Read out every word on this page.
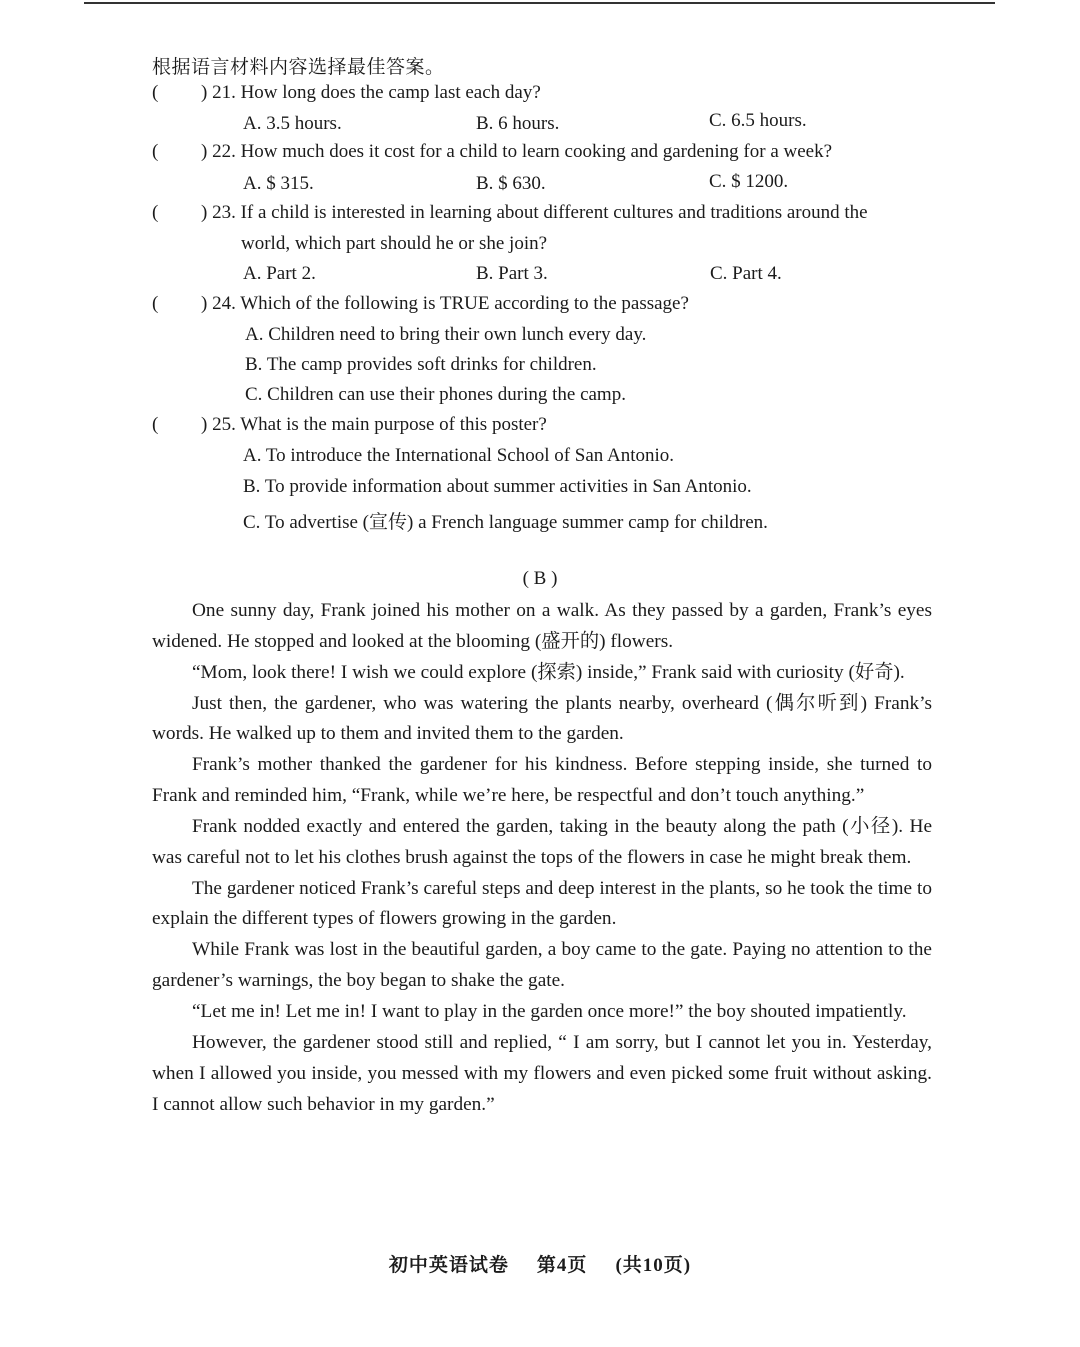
根据语言材料内容选择最佳答案。
( ) 21. How long does the camp last each day?
A. 3.5 hours.	B. 6 hours.	C. 6.5 hours.
( ) 22. How much does it cost for a child to learn cooking and gardening for a week?
A. $ 315.	B. $ 630.	C. $ 1200.
( ) 23. If a child is interested in learning about different cultures and traditions around the
world, which part should he or she join?
A. Part 2.	B. Part 3.	C. Part 4.
( ) 24. Which of the following is TRUE according to the passage?
A. Children need to bring their own lunch every day.
B. The camp provides soft drinks for children.
C. Children can use their phones during the camp.
( ) 25. What is the main purpose of this poster?
A. To introduce the International School of San Antonio.
B. To provide information about summer activities in San Antonio.
C. To advertise (宣传) a French language summer camp for children.
( B )

One sunny day, Frank joined his mother on a walk. As they passed by a garden, Frank’s eyes widened. He stopped and looked at the blooming (盛开的) flowers.

“Mom, look there! I wish we could explore (探索) inside,” Frank said with curiosity (好奇).

Just then, the gardener, who was watering the plants nearby, overheard (偶尔听到) Frank’s words. He walked up to them and invited them to the garden.

Frank’s mother thanked the gardener for his kindness. Before stepping inside, she turned to Frank and reminded him, “Frank, while we’re here, be respectful and don’t touch anything.”

Frank nodded exactly and entered the garden, taking in the beauty along the path (小径). He was careful not to let his clothes brush against the tops of the flowers in case he might break them.

The gardener noticed Frank’s careful steps and deep interest in the plants, so he took the time to explain the different types of flowers growing in the garden.

While Frank was lost in the beautiful garden, a boy came to the gate. Paying no attention to the gardener’s warnings, the boy began to shake the gate.

“Let me in! Let me in! I want to play in the garden once more!” the boy shouted impatiently.

However, the gardener stood still and replied, “ I am sorry, but I cannot let you in. Yesterday, when I allowed you inside, you messed with my flowers and even picked some fruit without asking. I cannot allow such behavior in my garden.”

初中英语试卷 第4页 (共10页)
